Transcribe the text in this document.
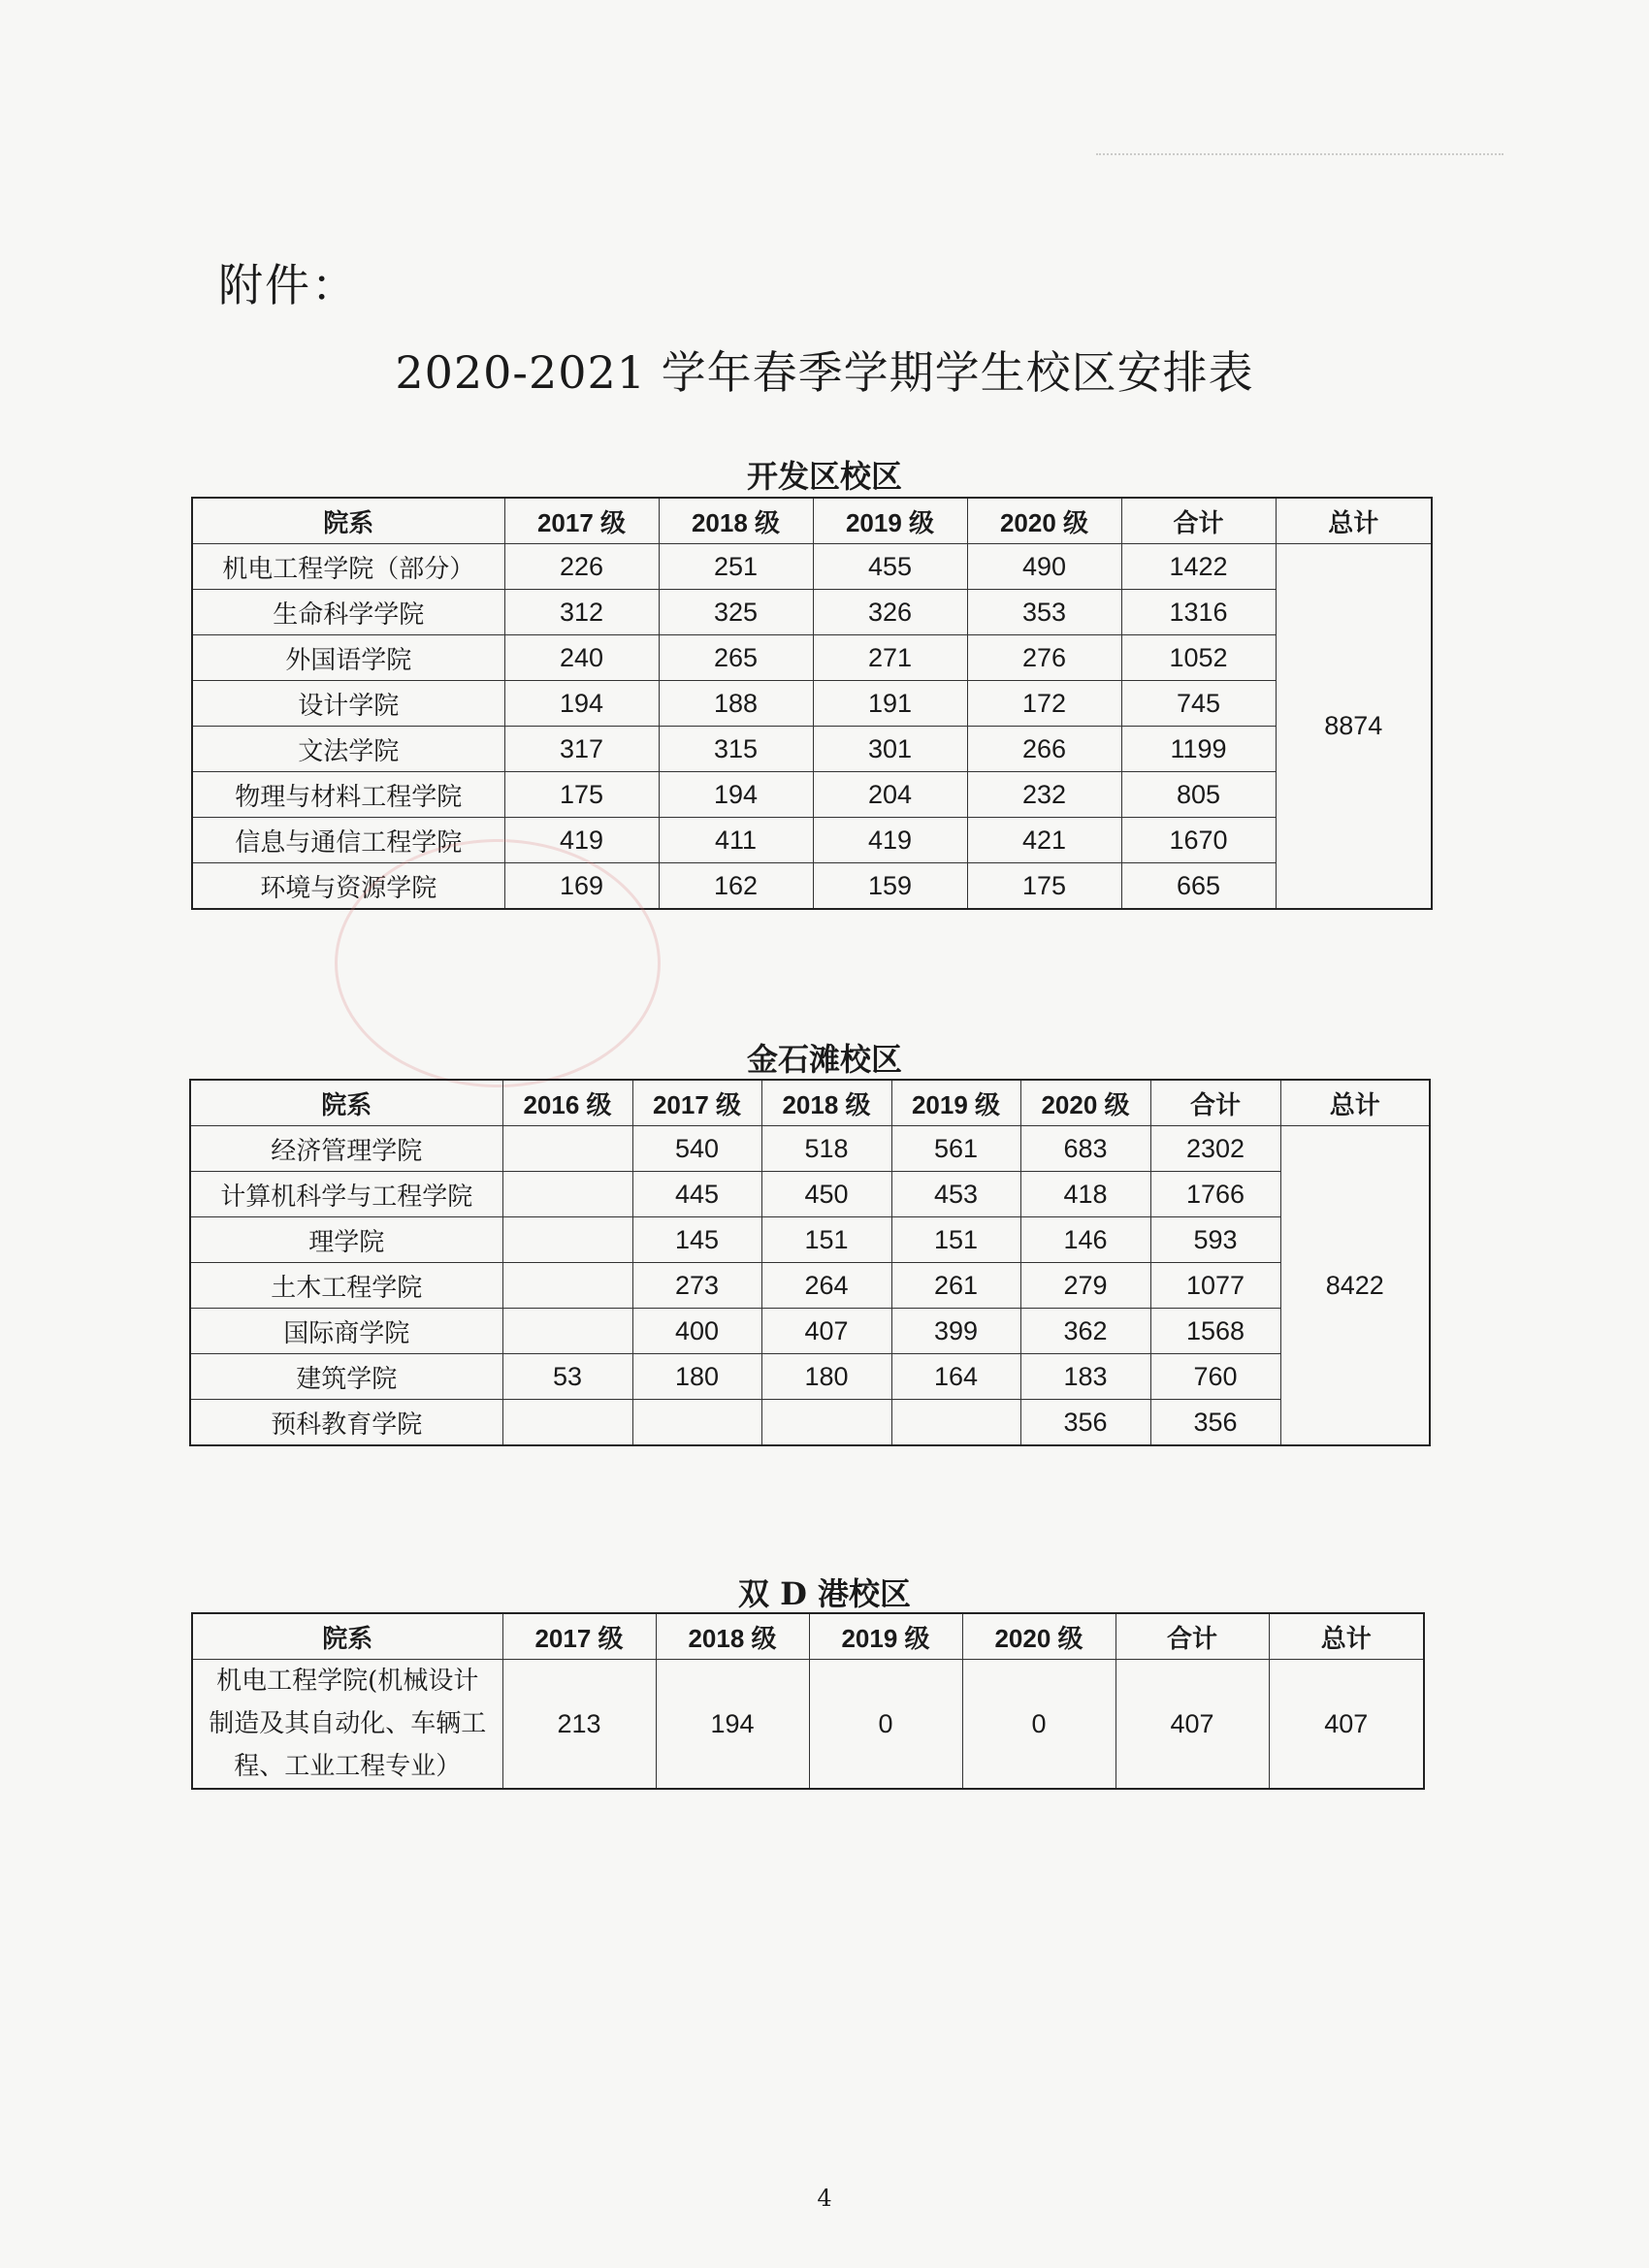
附件：
2020-2021 学年春季学期学生校区安排表
开发区校区
院系	2017 级	2018 级	2019 级	2020 级	合计	总计
机电工程学院（部分）	226	251	455	490	1422	8874
生命科学学院	312	325	326	353	1316	
外国语学院	240	265	271	276	1052	
设计学院	194	188	191	172	745	
文法学院	317	315	301	266	1199	
物理与材料工程学院	175	194	204	232	805	
信息与通信工程学院	419	411	419	421	1670	
环境与资源学院	169	162	159	175	665	
金石滩校区
院系	2016 级	2017 级	2018 级	2019 级	2020 级	合计	总计
经济管理学院		540	518	561	683	2302	8422
计算机科学与工程学院		445	450	453	418	1766	
理学院		145	151	151	146	593	
土木工程学院		273	264	261	279	1077	
国际商学院		400	407	399	362	1568	
建筑学院	53	180	180	164	183	760	
预科教育学院					356	356	
双 D 港校区
院系	2017 级	2018 级	2019 级	2020 级	合计	总计

机电工程学院(机械设计
制造及其自动化、车辆工
程、工业工程专业）	213	194	0	0	407	407
4
